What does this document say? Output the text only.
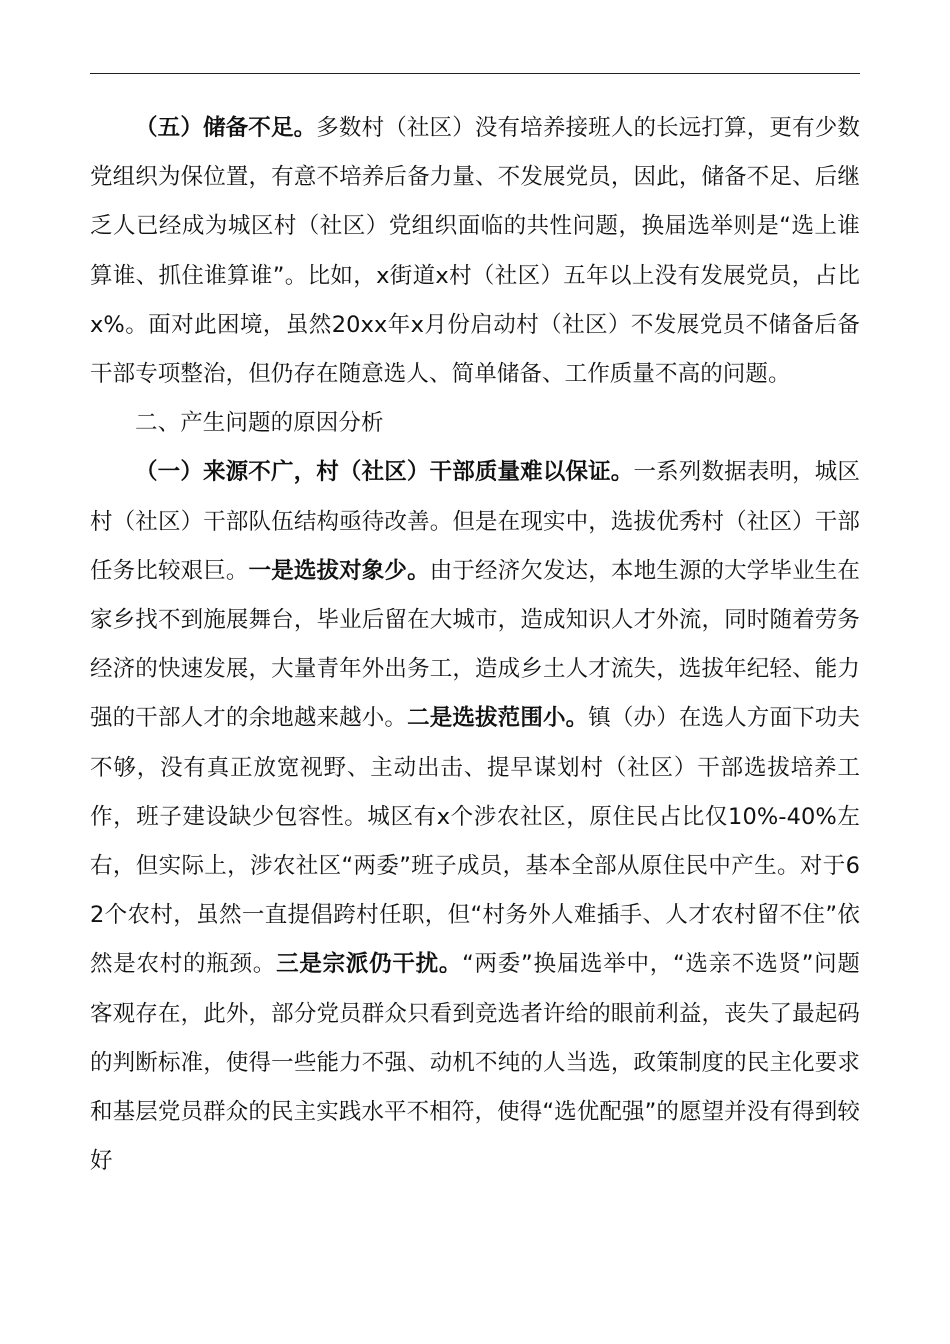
（五）储备不足。多数村（社区）没有培养接班人的长远打算，更有少数党组织为保位置，有意不培养后备力量、不发展党员，因此，储备不足、后继乏人已经成为城区村（社区）党组织面临的共性问题，换届选举则是“选上谁算谁、抓住谁算谁”。比如，x街道x村（社区）五年以上没有发展党员，占比x%。面对此困境，虽然20xx年x月份启动村（社区）不发展党员不储备后备干部专项整治，但仍存在随意选人、简单储备、工作质量不高的问题。

二、产生问题的原因分析

（一）来源不广，村（社区）干部质量难以保证。一系列数据表明，城区村（社区）干部队伍结构亟待改善。但是在现实中，选拔优秀村（社区）干部任务比较艰巨。一是选拔对象少。由于经济欠发达，本地生源的大学毕业生在家乡找不到施展舞台，毕业后留在大城市，造成知识人才外流，同时随着劳务经济的快速发展，大量青年外出务工，造成乡土人才流失，选拔年纪轻、能力强的干部人才的余地越来越小。二是选拔范围小。镇（办）在选人方面下功夫不够，没有真正放宽视野、主动出击、提早谋划村（社区）干部选拔培养工作，班子建设缺少包容性。城区有x个涉农社区，原住民占比仅10%-40%左右，但实际上，涉农社区“两委”班子成员，基本全部从原住民中产生。对于62个农村，虽然一直提倡跨村任职，但“村务外人难插手、人才农村留不住”依然是农村的瓶颈。三是宗派仍干扰。“两委”换届选举中，“选亲不选贤”问题客观存在，此外，部分党员群众只看到竞选者许给的眼前利益，丧失了最起码的判断标准，使得一些能力不强、动机不纯的人当选，政策制度的民主化要求和基层党员群众的民主实践水平不相符，使得“选优配强”的愿望并没有得到较好
